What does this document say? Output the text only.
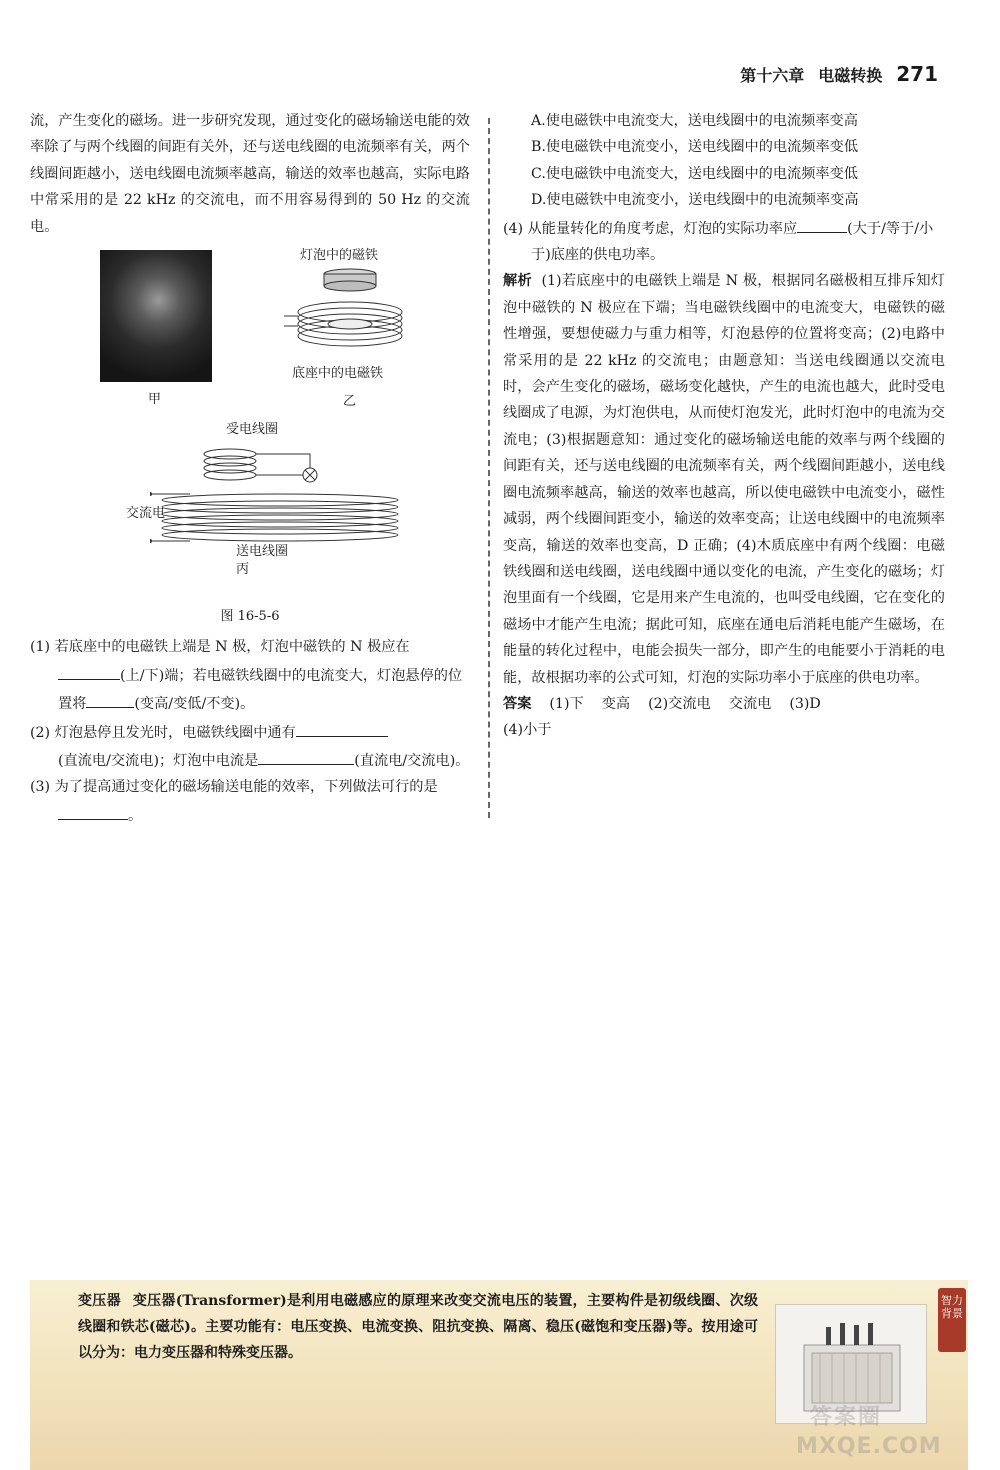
第十六章 电磁转换 271

流，产生变化的磁场。进一步研究发现，通过变化的磁场输送电能的效率除了与两个线圈的间距有关外，还与送电线圈的电流频率有关，两个线圈间距越小，送电线圈电流频率越高，输送的效率也越高，实际电路中常采用的是 22 kHz 的交流电，而不用容易得到的 50 Hz 的交流电。

甲
灯泡中的磁铁
底座中的电磁铁
乙
受电线圈
交流电
送电线圈
丙

图 16-5-6

(1) 若底座中的电磁铁上端是 N 极，灯泡中磁铁的 N 极应在
(上/下)端；若电磁铁线圈中的电流变大，灯泡悬停的位置将	(变高/变低/不变)。

(2) 灯泡悬停且发光时，电磁铁线圈中通有
(直流电/交流电)；灯泡中电流是	(直流电/交流电)。

(3) 为了提高通过变化的磁场输送电能的效率，下列做法可行的是。

A.使电磁铁中电流变大，送电线圈中的电流频率变高

B.使电磁铁中电流变小，送电线圈中的电流频率变低

C.使电磁铁中电流变大，送电线圈中的电流频率变低

D.使电磁铁中电流变小，送电线圈中的电流频率变高

(4) 从能量转化的角度考虑，灯泡的实际功率应	(大于/等于/小于)底座的供电功率。

解析 (1)若底座中的电磁铁上端是 N 极，根据同名磁极相互排斥知灯泡中磁铁的 N 极应在下端；当电磁铁线圈中的电流变大，电磁铁的磁性增强，要想使磁力与重力相等，灯泡悬停的位置将变高；(2)电路中常采用的是 22 kHz 的交流电；由题意知：当送电线圈通以交流电时，会产生变化的磁场，磁场变化越快，产生的电流也越大，此时受电线圈成了电源，为灯泡供电，从而使灯泡发光，此时灯泡中的电流为交流电；(3)根据题意知：通过变化的磁场输送电能的效率与两个线圈的间距有关，还与送电线圈的电流频率有关，两个线圈间距越小，送电线圈电流频率越高，输送的效率也越高，所以使电磁铁中电流变小，磁性减弱，两个线圈间距变小，输送的效率变高；让送电线圈中的电流频率变高，输送的效率也变高，D 正确；(4)木质底座中有两个线圈：电磁铁线圈和送电线圈，送电线圈中通以变化的电流，产生变化的磁场；灯泡里面有一个线圈，它是用来产生电流的，也叫受电线圈，它在变化的磁场中才能产生电流；据此可知，底座在通电后消耗电能产生磁场，在能量的转化过程中，电能会损失一部分，即产生的电能要小于消耗的电能，故根据功率的公式可知，灯泡的实际功率小于底座的供电功率。

答案 (1)下 变高 (2)交流电 交流电 (3)D

(4)小于

变压器 变压器(Transformer)是利用电磁感应的原理来改变交流电压的装置，主要构件是初级线圈、次级线圈和铁芯(磁芯)。主要功能有：电压变换、电流变换、阻抗变换、隔离、稳压(磁饱和变压器)等。按用途可以分为：电力变压器和特殊变压器。
智力背景
答案圈
MXQE.COM
